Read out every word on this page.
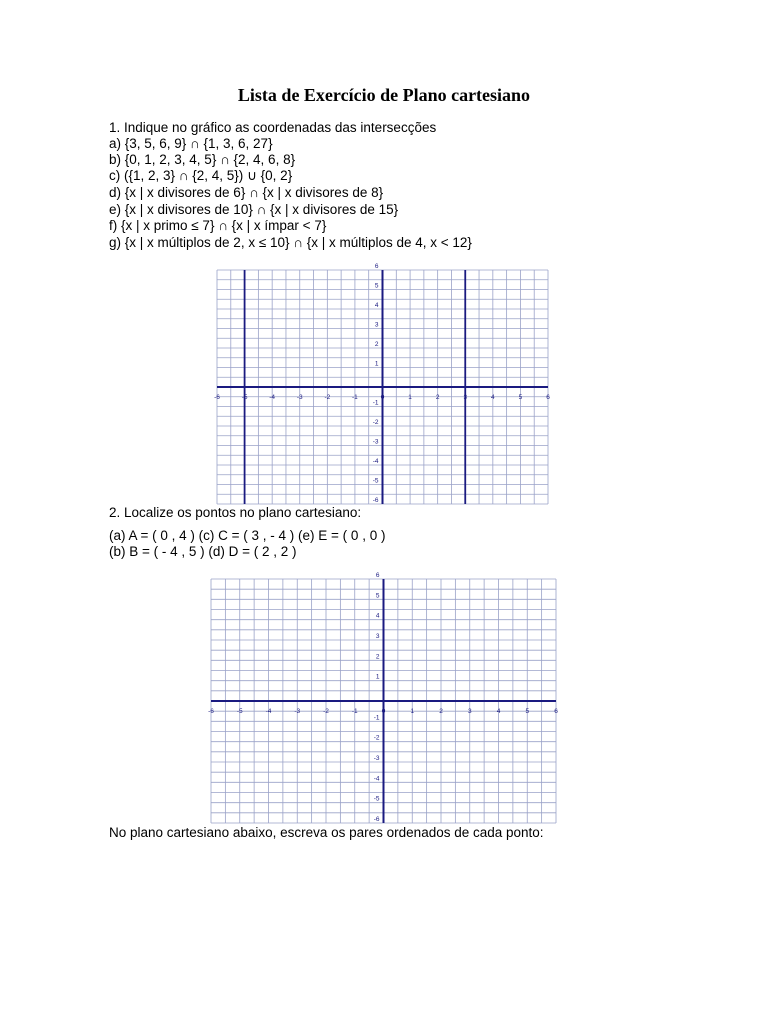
Lista de Exercício de Plano cartesiano
1. Indique no gráfico as coordenadas das intersecções
a) {3, 5, 6, 9} ∩ {1, 3, 6, 27}
b) {0, 1, 2, 3, 4, 5} ∩ {2, 4, 6, 8}
c) ({1, 2, 3} ∩ {2, 4, 5}) ∪ {0, 2}
d) {x | x divisores de 6} ∩ {x | x divisores de 8}
e) {x | x divisores de 10} ∩ {x | x divisores de 15}
f) {x | x primo ≤ 7} ∩ {x | x ímpar < 7}
g) {x | x múltiplos de 2, x ≤ 10} ∩ {x | x múltiplos de 4, x < 12}
-6	-5	-4	-3	-2	-1	0	1	2	3	4	5	6
-6
-5
-4
-3
-2
-1
1
2
3
4
5
6
2. Localize os pontos no plano cartesiano:
(a) A = ( 0 , 4 ) (c) C = ( 3 , - 4 ) (e) E = ( 0 , 0 )
(b) B = ( - 4 , 5 ) (d) D = ( 2 , 2 )
-6	-5	-4	-3	-2	-1	0	1	2	3	4	5	6
-6
-5
-4
-3
-2
-1
1
2
3
4
5
6
No plano cartesiano abaixo, escreva os pares ordenados de cada ponto:
